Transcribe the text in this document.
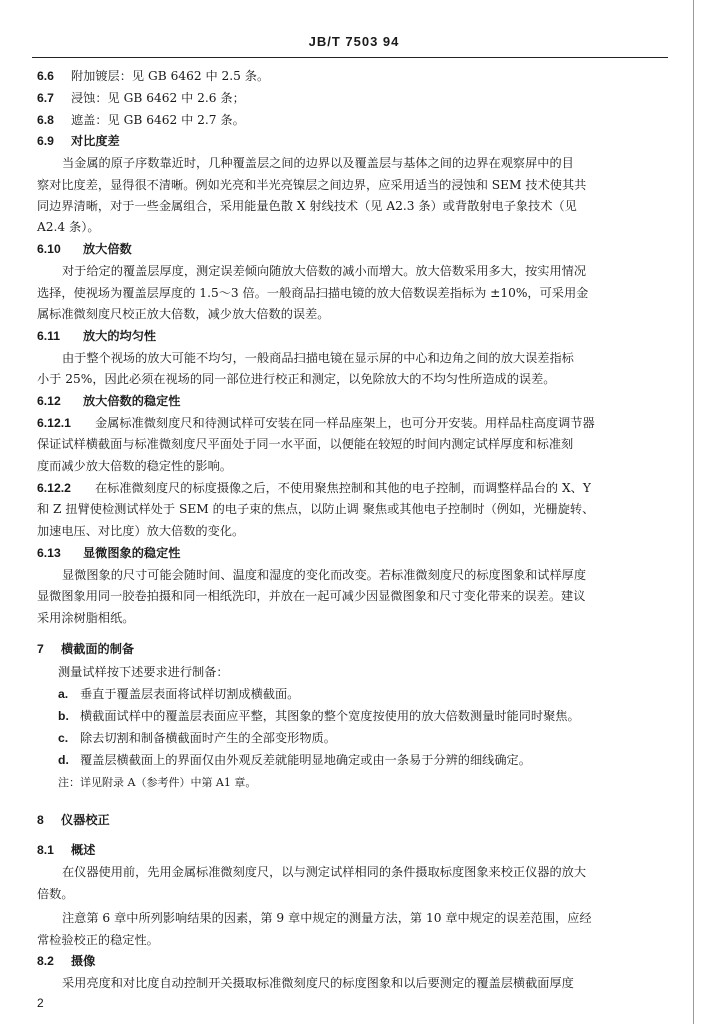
JB/T 7503 94
6.6 附加镀层：见 GB 6462 中 2.5 条。
6.7 浸蚀：见 GB 6462 中 2.6 条；
6.8 遮盖：见 GB 6462 中 2.7 条。
6.9 对比度差
当金属的原子序数靠近时，几种覆盖层之间的边界以及覆盖层与基体之间的边界在观察屏中的目
察对比度差，显得很不清晰。例如光亮和半光亮镍层之间边界，应采用适当的浸蚀和 SEM 技术使其共
同边界清晰，对于一些金属组合，采用能量色散 X 射线技术（见 A2.3 条）或背散射电子象技术（见
A2.4 条）。
6.10 放大倍数
对于给定的覆盖层厚度，测定误差倾向随放大倍数的减小而增大。放大倍数采用多大，按实用情况
选择，使视场为覆盖层厚度的 1.5～3 倍。一般商品扫描电镜的放大倍数误差指标为 ±10%，可采用金
属标准微刻度尺校正放大倍数，减少放大倍数的误差。
6.11 放大的均匀性
由于整个视场的放大可能不均匀，一般商品扫描电镜在显示屏的中心和边角之间的放大误差指标
小于 25%，因此必须在视场的同一部位进行校正和测定，以免除放大的不均匀性所造成的误差。
6.12 放大倍数的稳定性
6.12.1 金属标准微刻度尺和待测试样可安装在同一样品座架上，也可分开安装。用样品柱高度调节器
保证试样横截面与标准微刻度尺平面处于同一水平面，以便能在较短的时间内测定试样厚度和标准刻
度而减少放大倍数的稳定性的影响。
6.12.2 在标准微刻度尺的标度摄像之后，不使用聚焦控制和其他的电子控制，而调整样品台的 X、Y
和 Z 扭臂使检测试样处于 SEM 的电子束的焦点，以防止调 聚焦或其他电子控制时（例如，光栅旋转、
加速电压、对比度）放大倍数的变化。
6.13 显微图象的稳定性
显微图象的尺寸可能会随时间、温度和湿度的变化而改变。若标准微刻度尺的标度图象和试样厚度
显微图象用同一胶卷拍摄和同一相纸洗印，并放在一起可减少因显微图象和尺寸变化带来的误差。建议
采用涂树脂相纸。
7 横截面的制备
测量试样按下述要求进行制备：
a. 垂直于覆盖层表面将试样切割成横截面。
b. 横截面试样中的覆盖层表面应平整，其图象的整个宽度按使用的放大倍数测量时能同时聚焦。
c. 除去切割和制备横截面时产生的全部变形物质。
d. 覆盖层横截面上的界面仅由外观反差就能明显地确定或由一条易于分辨的细线确定。
注：详见附录 A（参考件）中第 A1 章。
8 仪器校正
8.1 概述
在仪器使用前，先用金属标准微刻度尺，以与测定试样相同的条件摄取标度图象来校正仪器的放大
倍数。
注意第 6 章中所列影响结果的因素，第 9 章中规定的测量方法，第 10 章中规定的误差范围，应经
常检验校正的稳定性。
8.2 摄像
采用亮度和对比度自动控制开关摄取标准微刻度尺的标度图象和以后要测定的覆盖层横截面厚度
2
